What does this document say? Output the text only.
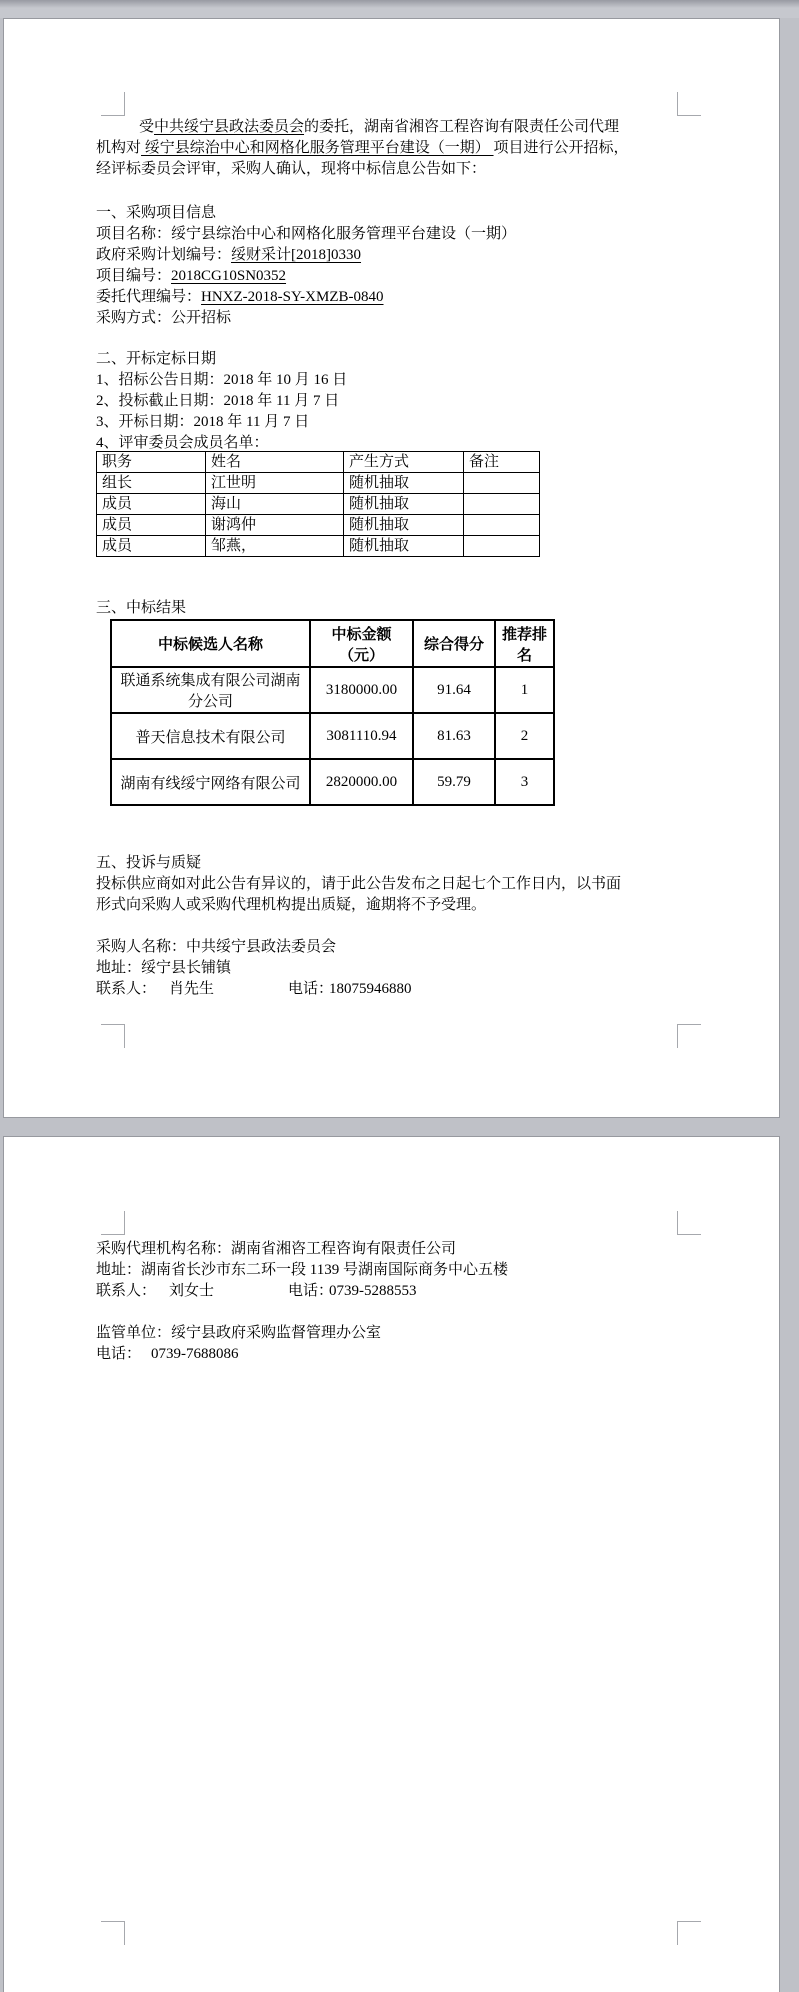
受中共绥宁县政法委员会的委托，湖南省湘咨工程咨询有限责任公司代理
机构对 绥宁县综治中心和网格化服务管理平台建设（一期） 项目进行公开招标，
经评标委员会评审，采购人确认，现将中标信息公告如下：
一、采购项目信息
项目名称：绥宁县综治中心和网格化服务管理平台建设（一期）
政府采购计划编号：绥财采计[2018]0330
项目编号：2018CG10SN0352
委托代理编号：HNXZ-2018-SY-XMZB-0840
采购方式：公开招标
二、开标定标日期
1、招标公告日期：2018 年 10 月 16 日
2、投标截止日期：2018 年 11 月 7 日
3、开标日期：2018 年 11 月 7 日
4、评审委员会成员名单：
职务	姓名	产生方式	备注
组长	江世明	随机抽取	
成员	海山	随机抽取	
成员	谢鸿仲	随机抽取	
成员	邹燕，	随机抽取	
三、中标结果
中标候选人名称	中标金额（元）	综合得分	推荐排名
联通系统集成有限公司湖南分公司	3180000.00	91.64	1
普天信息技术有限公司	3081110.94	81.63	2
湖南有线绥宁网络有限公司	2820000.00	59.79	3
五、投诉与质疑
投标供应商如对此公告有异议的，请于此公告发布之日起七个工作日内，以书面
形式向采购人或采购代理机构提出质疑，逾期将不予受理。
采购人名称：中共绥宁县政法委员会
地址：绥宁县长铺镇
联系人： 肖先生	电话：
18075946880
采购代理机构名称：湖南省湘咨工程咨询有限责任公司
地址：湖南省长沙市东二环一段 1139 号湖南国际商务中心五楼
联系人： 刘女士	电话：
0739-5288553
监管单位：绥宁县政府采购监督管理办公室
电话： 0739-7688086
